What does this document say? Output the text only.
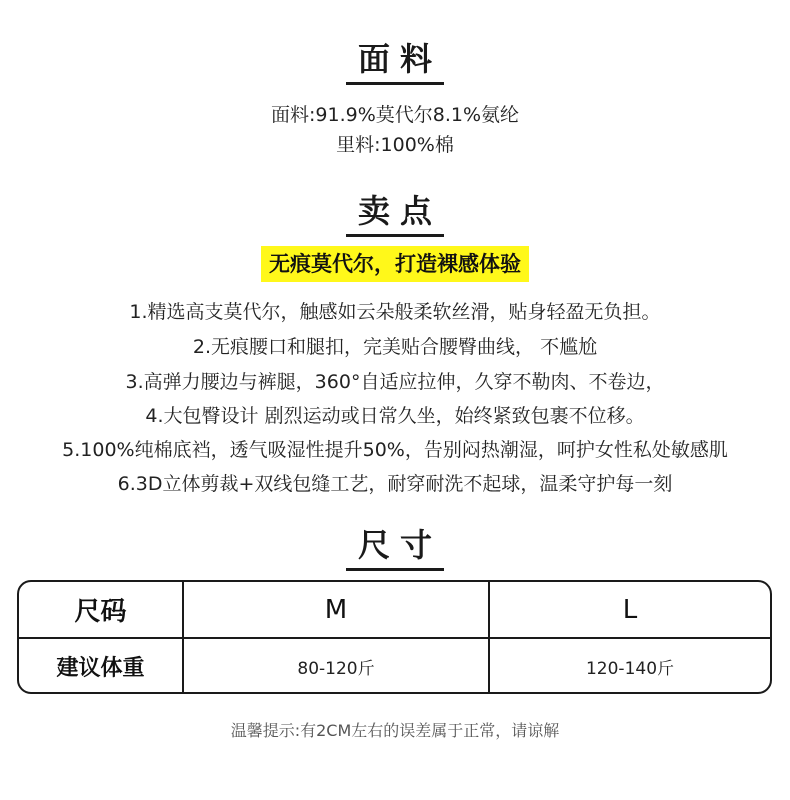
面料
面料:91.9%莫代尔8.1%氨纶
里料:100%棉
卖点
无痕莫代尔，打造裸感体验
1.精选高支莫代尔，触感如云朵般柔软丝滑，贴身轻盈无负担。
2.无痕腰口和腿扣，完美贴合腰臀曲线， 不尴尬
3.高弹力腰边与裤腿，360°自适应拉伸，久穿不勒肉、不卷边，
4.大包臀设计 剧烈运动或日常久坐，始终紧致包裹不位移。
5.100%纯棉底裆，透气吸湿性提升50%，告别闷热潮湿，呵护女性私处敏感肌
6.3D立体剪裁+双线包缝工艺，耐穿耐洗不起球，温柔守护每一刻
尺寸
尺码	M	L
建议体重	80-120斤	120-140斤
温馨提示:有2CM左右的误差属于正常，请谅解
